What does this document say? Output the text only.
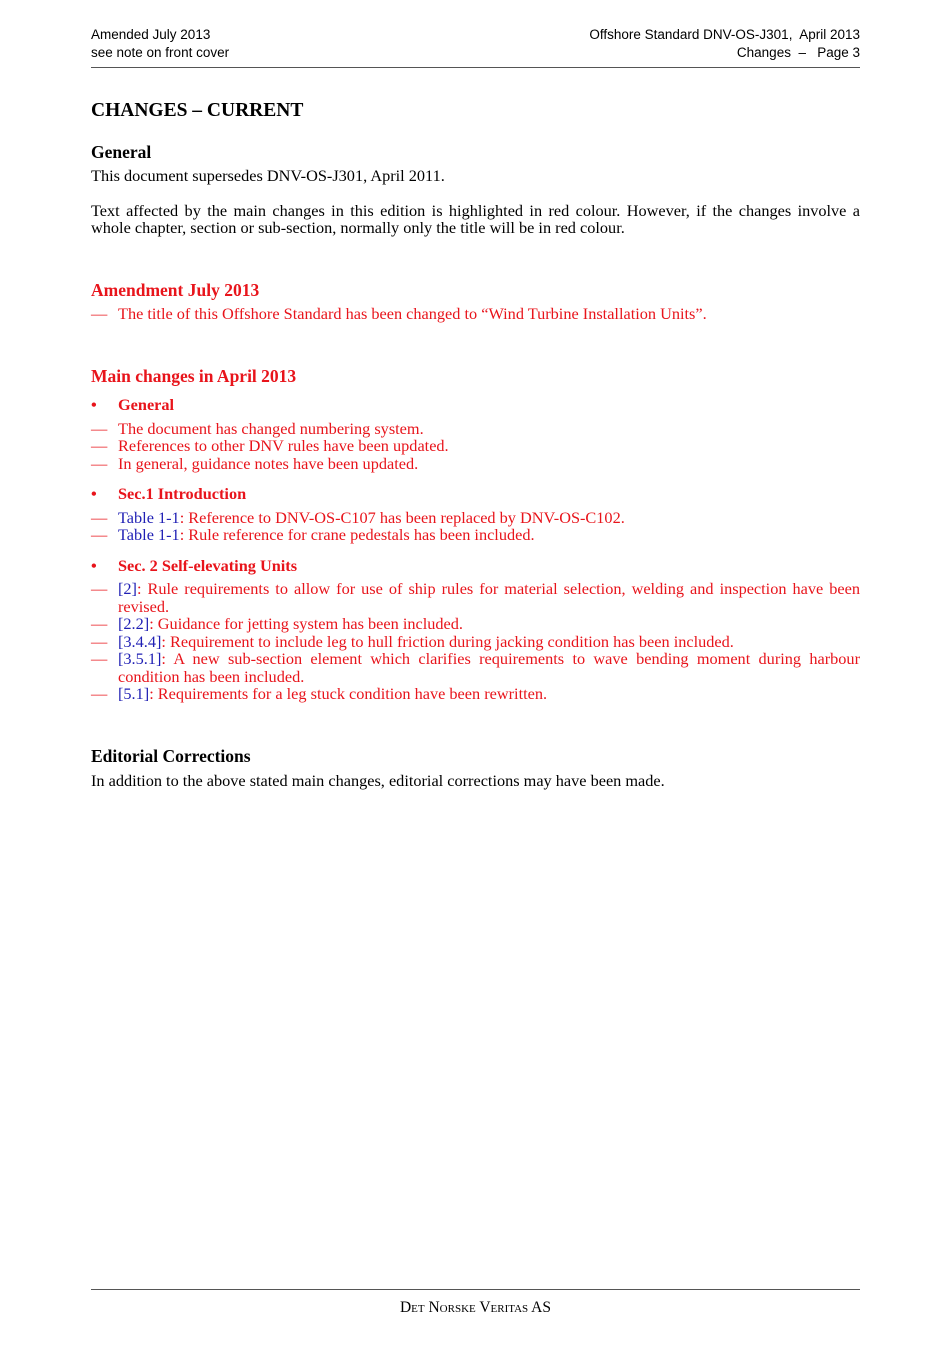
Amended July 2013
see note on front cover
Offshore Standard DNV-OS-J301,  April 2013
Changes  –   Page 3
CHANGES – CURRENT
General

This document supersedes DNV-OS-J301, April 2011.

Text affected by the main changes in this edition is highlighted in red colour. However, if the changes involve a whole chapter, section or sub-section, normally only the title will be in red colour.

Amendment July 2013
— The title of this Offshore Standard has been changed to “Wind Turbine Installation Units”.
Main changes in April 2013
• General
— The document has changed numbering system.
— References to other DNV rules have been updated.
— In general, guidance notes have been updated.
• Sec.1 Introduction
— Table 1-1: Reference to DNV-OS-C107 has been replaced by DNV-OS-C102.
— Table 1-1: Rule reference for crane pedestals has been included.
• Sec. 2 Self-elevating Units
— [2]: Rule requirements to allow for use of ship rules for material selection, welding and inspection have been revised.
— [2.2]: Guidance for jetting system has been included.
— [3.4.4]: Requirement to include leg to hull friction during jacking condition has been included.
— [3.5.1]: A new sub-section element which clarifies requirements to wave bending moment during harbour condition has been included.
— [5.1]: Requirements for a leg stuck condition have been rewritten.
Editorial Corrections

In addition to the above stated main changes, editorial corrections may have been made.

Det Norske Veritas AS
